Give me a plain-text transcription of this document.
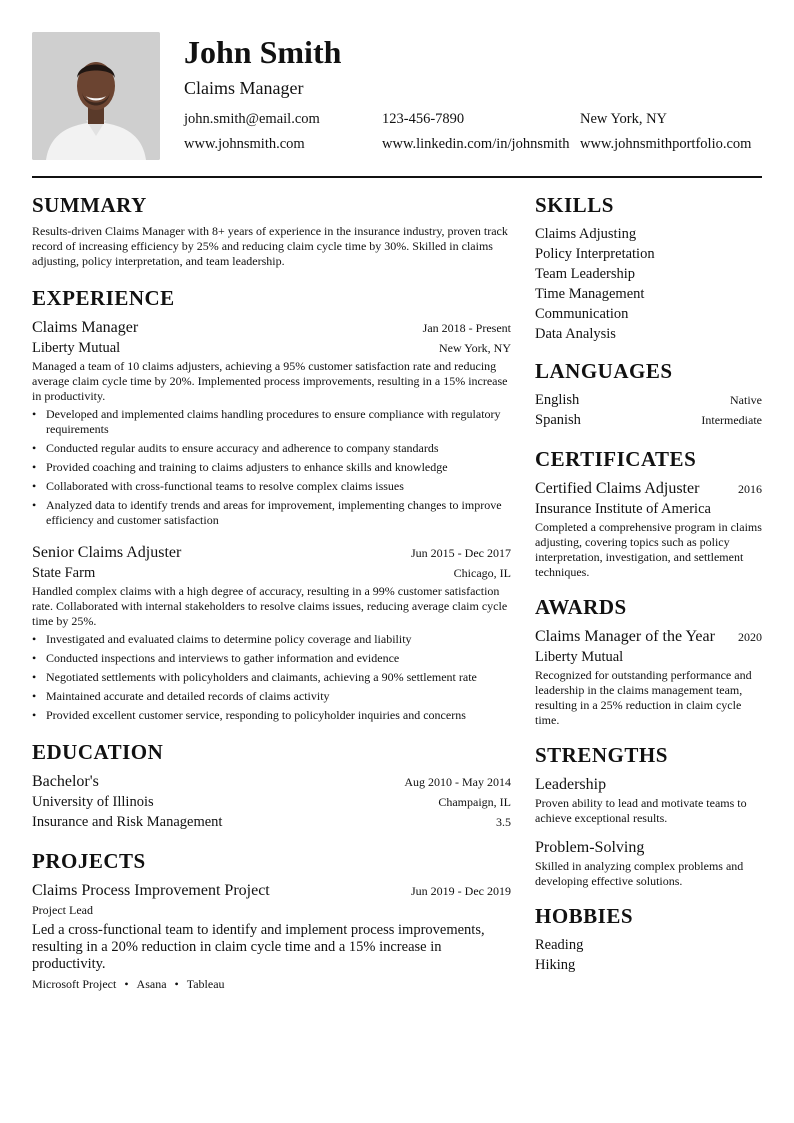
John Smith
Claims Manager
john.smith@email.com	123-456-7890	New York, NY
www.johnsmith.com	www.linkedin.com/in/johnsmith www.johnsmithportfolio.com
SUMMARY
Results-driven Claims Manager with 8+ years of experience in the insurance industry, proven track record of increasing efficiency by 25% and reducing claim cycle time by 30%. Skilled in claims adjusting, policy interpretation, and team leadership.
EXPERIENCE
Claims Manager	Jan 2018 - Present
Liberty Mutual	New York, NY
Managed a team of 10 claims adjusters, achieving a 95% customer satisfaction rate and reducing average claim cycle time by 20%. Implemented process improvements, resulting in a 15% increase in productivity.
• Developed and implemented claims handling procedures to ensure compliance with regulatory requirements
• Conducted regular audits to ensure accuracy and adherence to company standards
• Provided coaching and training to claims adjusters to enhance skills and knowledge
• Collaborated with cross-functional teams to resolve complex claims issues
• Analyzed data to identify trends and areas for improvement, implementing changes to improve efficiency and customer satisfaction
Senior Claims Adjuster	Jun 2015 - Dec 2017
State Farm	Chicago, IL
Handled complex claims with a high degree of accuracy, resulting in a 99% customer satisfaction rate. Collaborated with internal stakeholders to resolve claims issues, reducing average claim cycle time by 25%.
• Investigated and evaluated claims to determine policy coverage and liability
• Conducted inspections and interviews to gather information and evidence
• Negotiated settlements with policyholders and claimants, achieving a 90% settlement rate
• Maintained accurate and detailed records of claims activity
• Provided excellent customer service, responding to policyholder inquiries and concerns
EDUCATION
Bachelor's	Aug 2010 - May 2014
University of Illinois	Champaign, IL
Insurance and Risk Management	3.5
PROJECTS
Claims Process Improvement Project	Jun 2019 - Dec 2019
Project Lead
Led a cross-functional team to identify and implement process improvements, resulting in a 20% reduction in claim cycle time and a 15% increase in productivity.
Microsoft Project • Asana • Tableau
SKILLS
Claims Adjusting
Policy Interpretation
Team Leadership
Time Management
Communication
Data Analysis
LANGUAGES
English	Native
Spanish	Intermediate
CERTIFICATES
Certified Claims Adjuster	2016
Insurance Institute of America
Completed a comprehensive program in claims adjusting, covering topics such as policy interpretation, investigation, and settlement techniques.
AWARDS
Claims Manager of the Year 2020
Liberty Mutual
Recognized for outstanding performance and leadership in the claims management team, resulting in a 25% reduction in claim cycle time.
STRENGTHS
Leadership
Proven ability to lead and motivate teams to achieve exceptional results.
Problem-Solving
Skilled in analyzing complex problems and developing effective solutions.
HOBBIES
Reading
Hiking
